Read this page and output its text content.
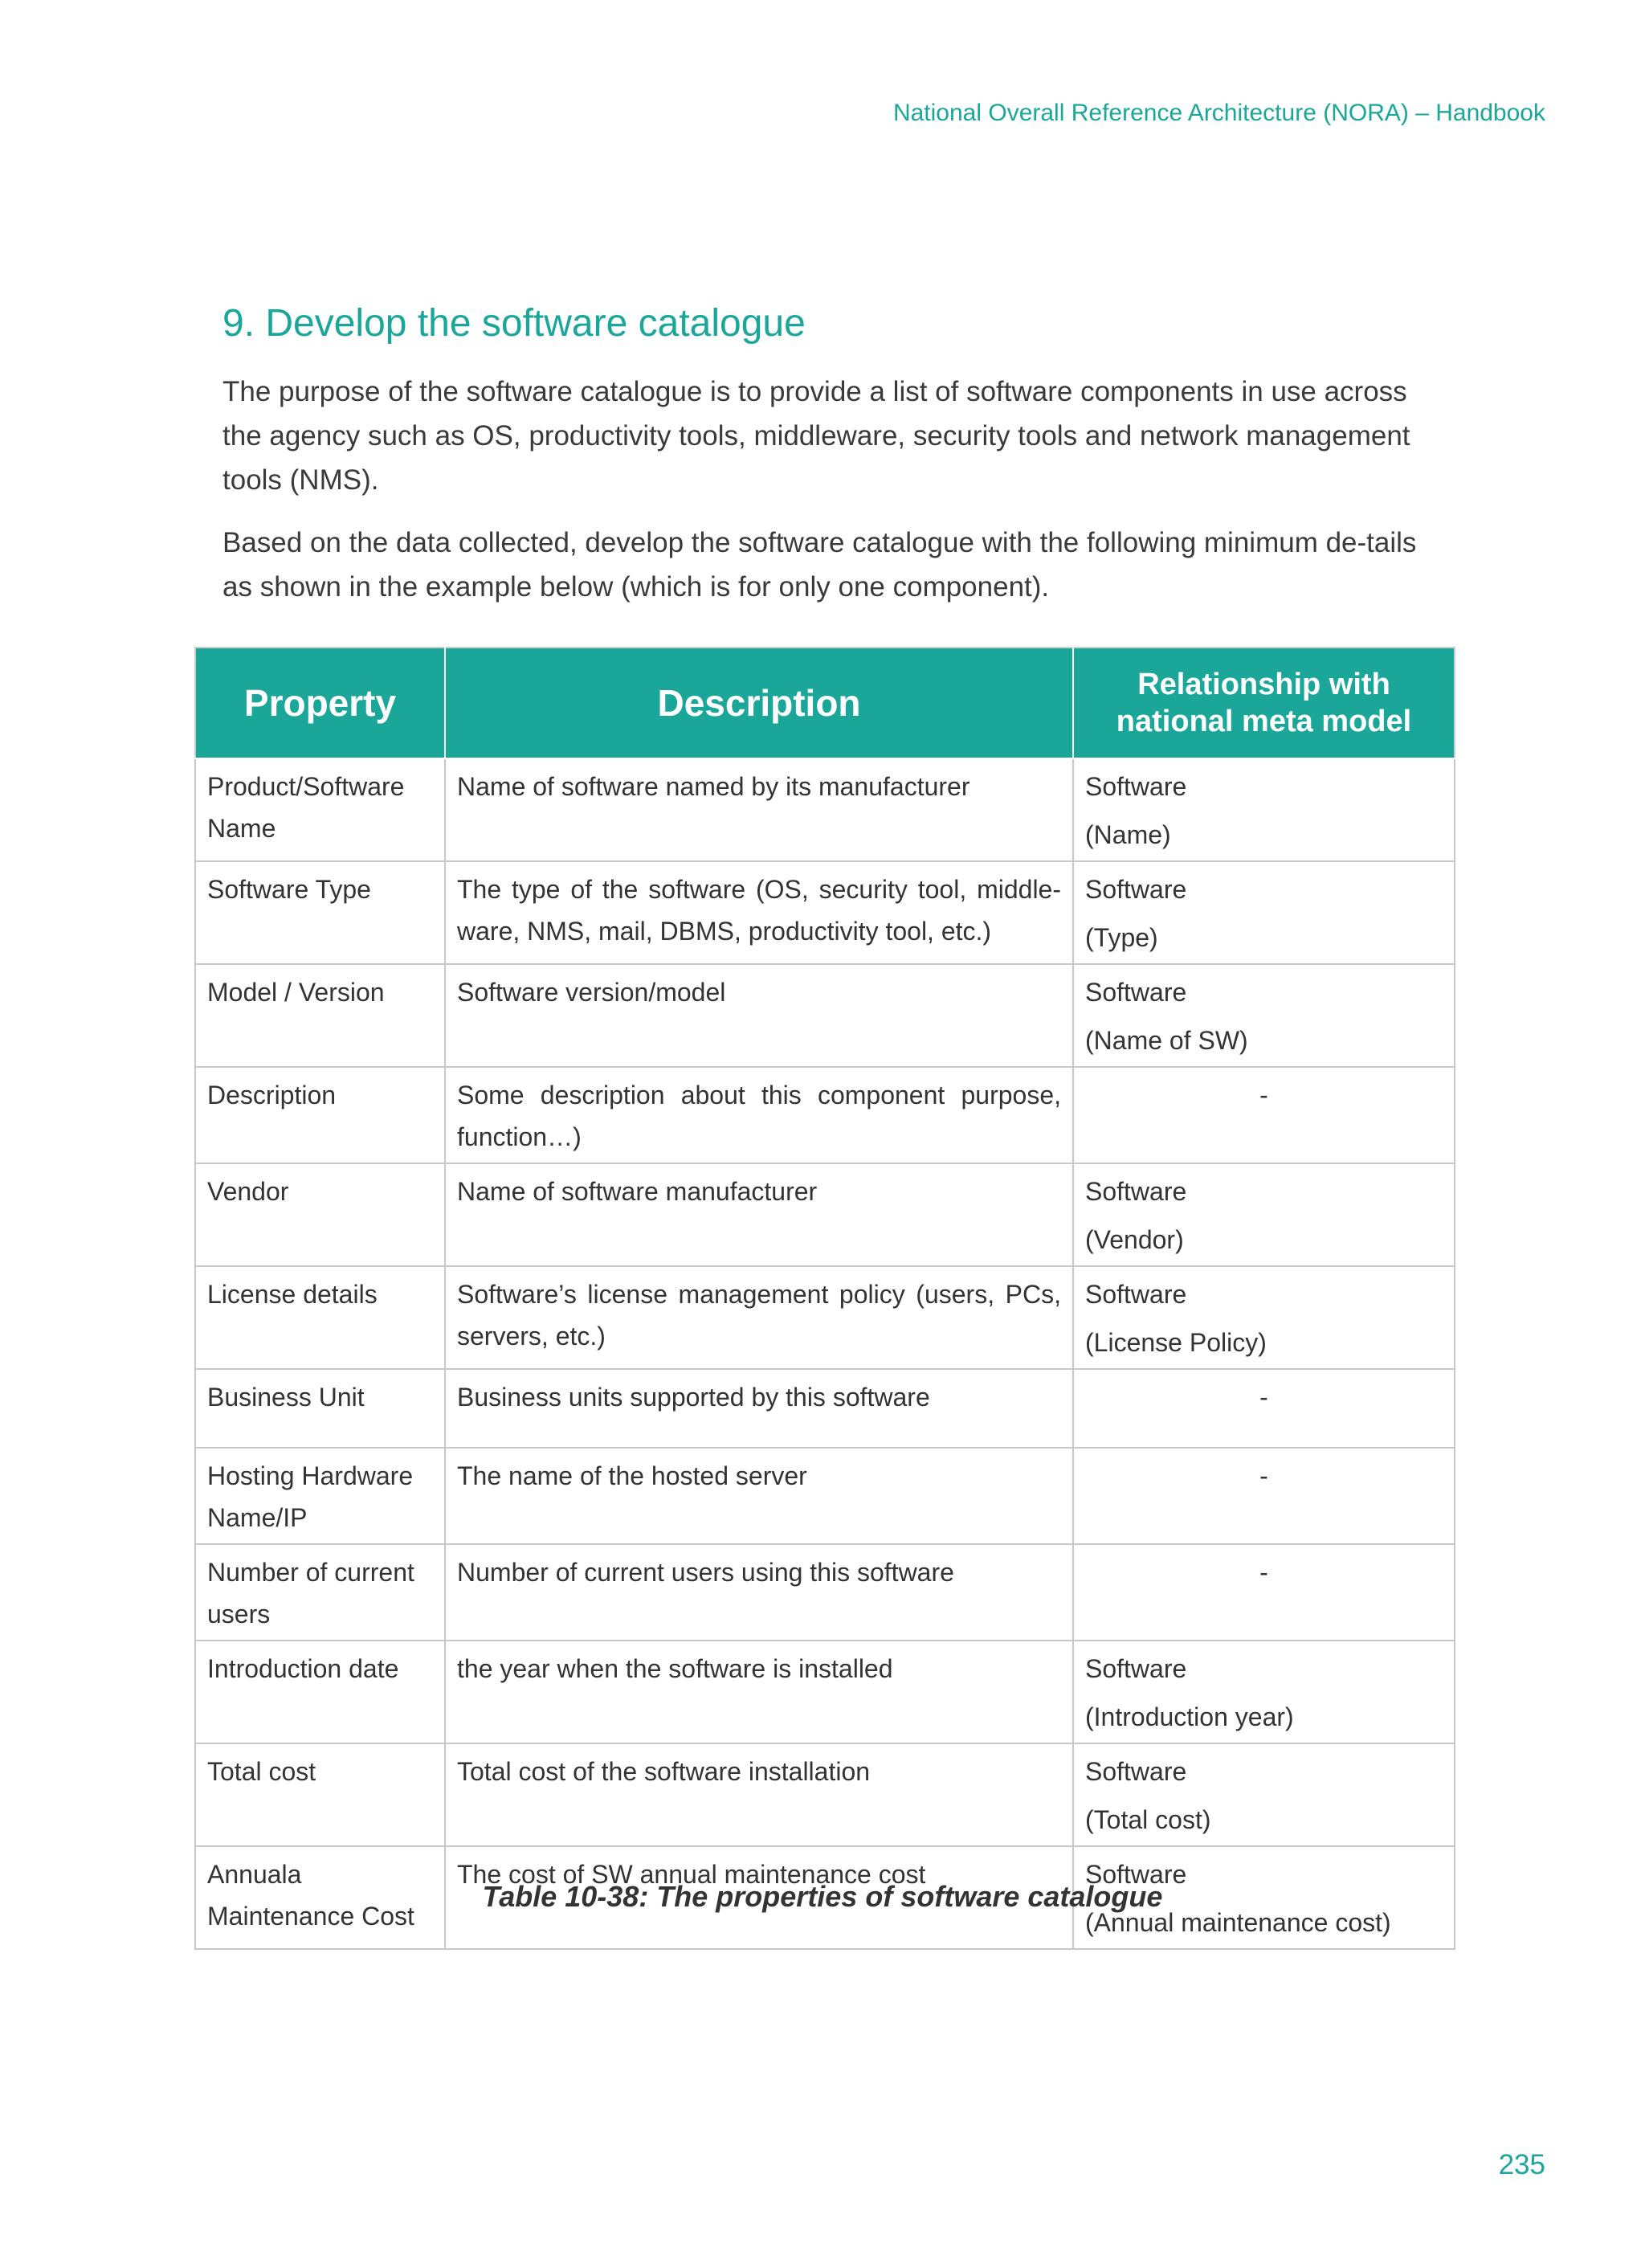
National Overall Reference Architecture (NORA) – Handbook
9. Develop the software catalogue

The purpose of the software catalogue is to provide a list of software components in use across the agency such as OS, productivity tools, middleware, security tools and network management tools (NMS).

Based on the data collected, develop the software catalogue with the following minimum de-tails as shown in the example below (which is for only one component).

Property	Description	Relationship with national meta model
Product/Software Name	Name of software named by its manufacturer	Software
(Name)

Software Type	The type of the software (OS, security tool, middle-ware, NMS, mail, DBMS, productivity tool, etc.)	Software
(Type)

Model / Version	Software version/model	Software
(Name of SW)

Description	Some description about this component purpose, function…)	-
Vendor	Name of software manufacturer	Software
(Vendor)

License details	Software’s license management policy (users, PCs, servers, etc.)	Software
(License Policy)

Business Unit	Business units supported by this software	-
Hosting Hardware Name/IP	The name of the hosted server	-
Number of current users	Number of current users using this software	-
Introduction date	the year when the software is installed	Software
(Introduction year)

Total cost	Total cost of the software installation	Software
(Total cost)

Annuala Maintenance Cost	The cost of SW annual maintenance cost	Software
(Annual maintenance cost)
Table 10-38: The properties of software catalogue
235
